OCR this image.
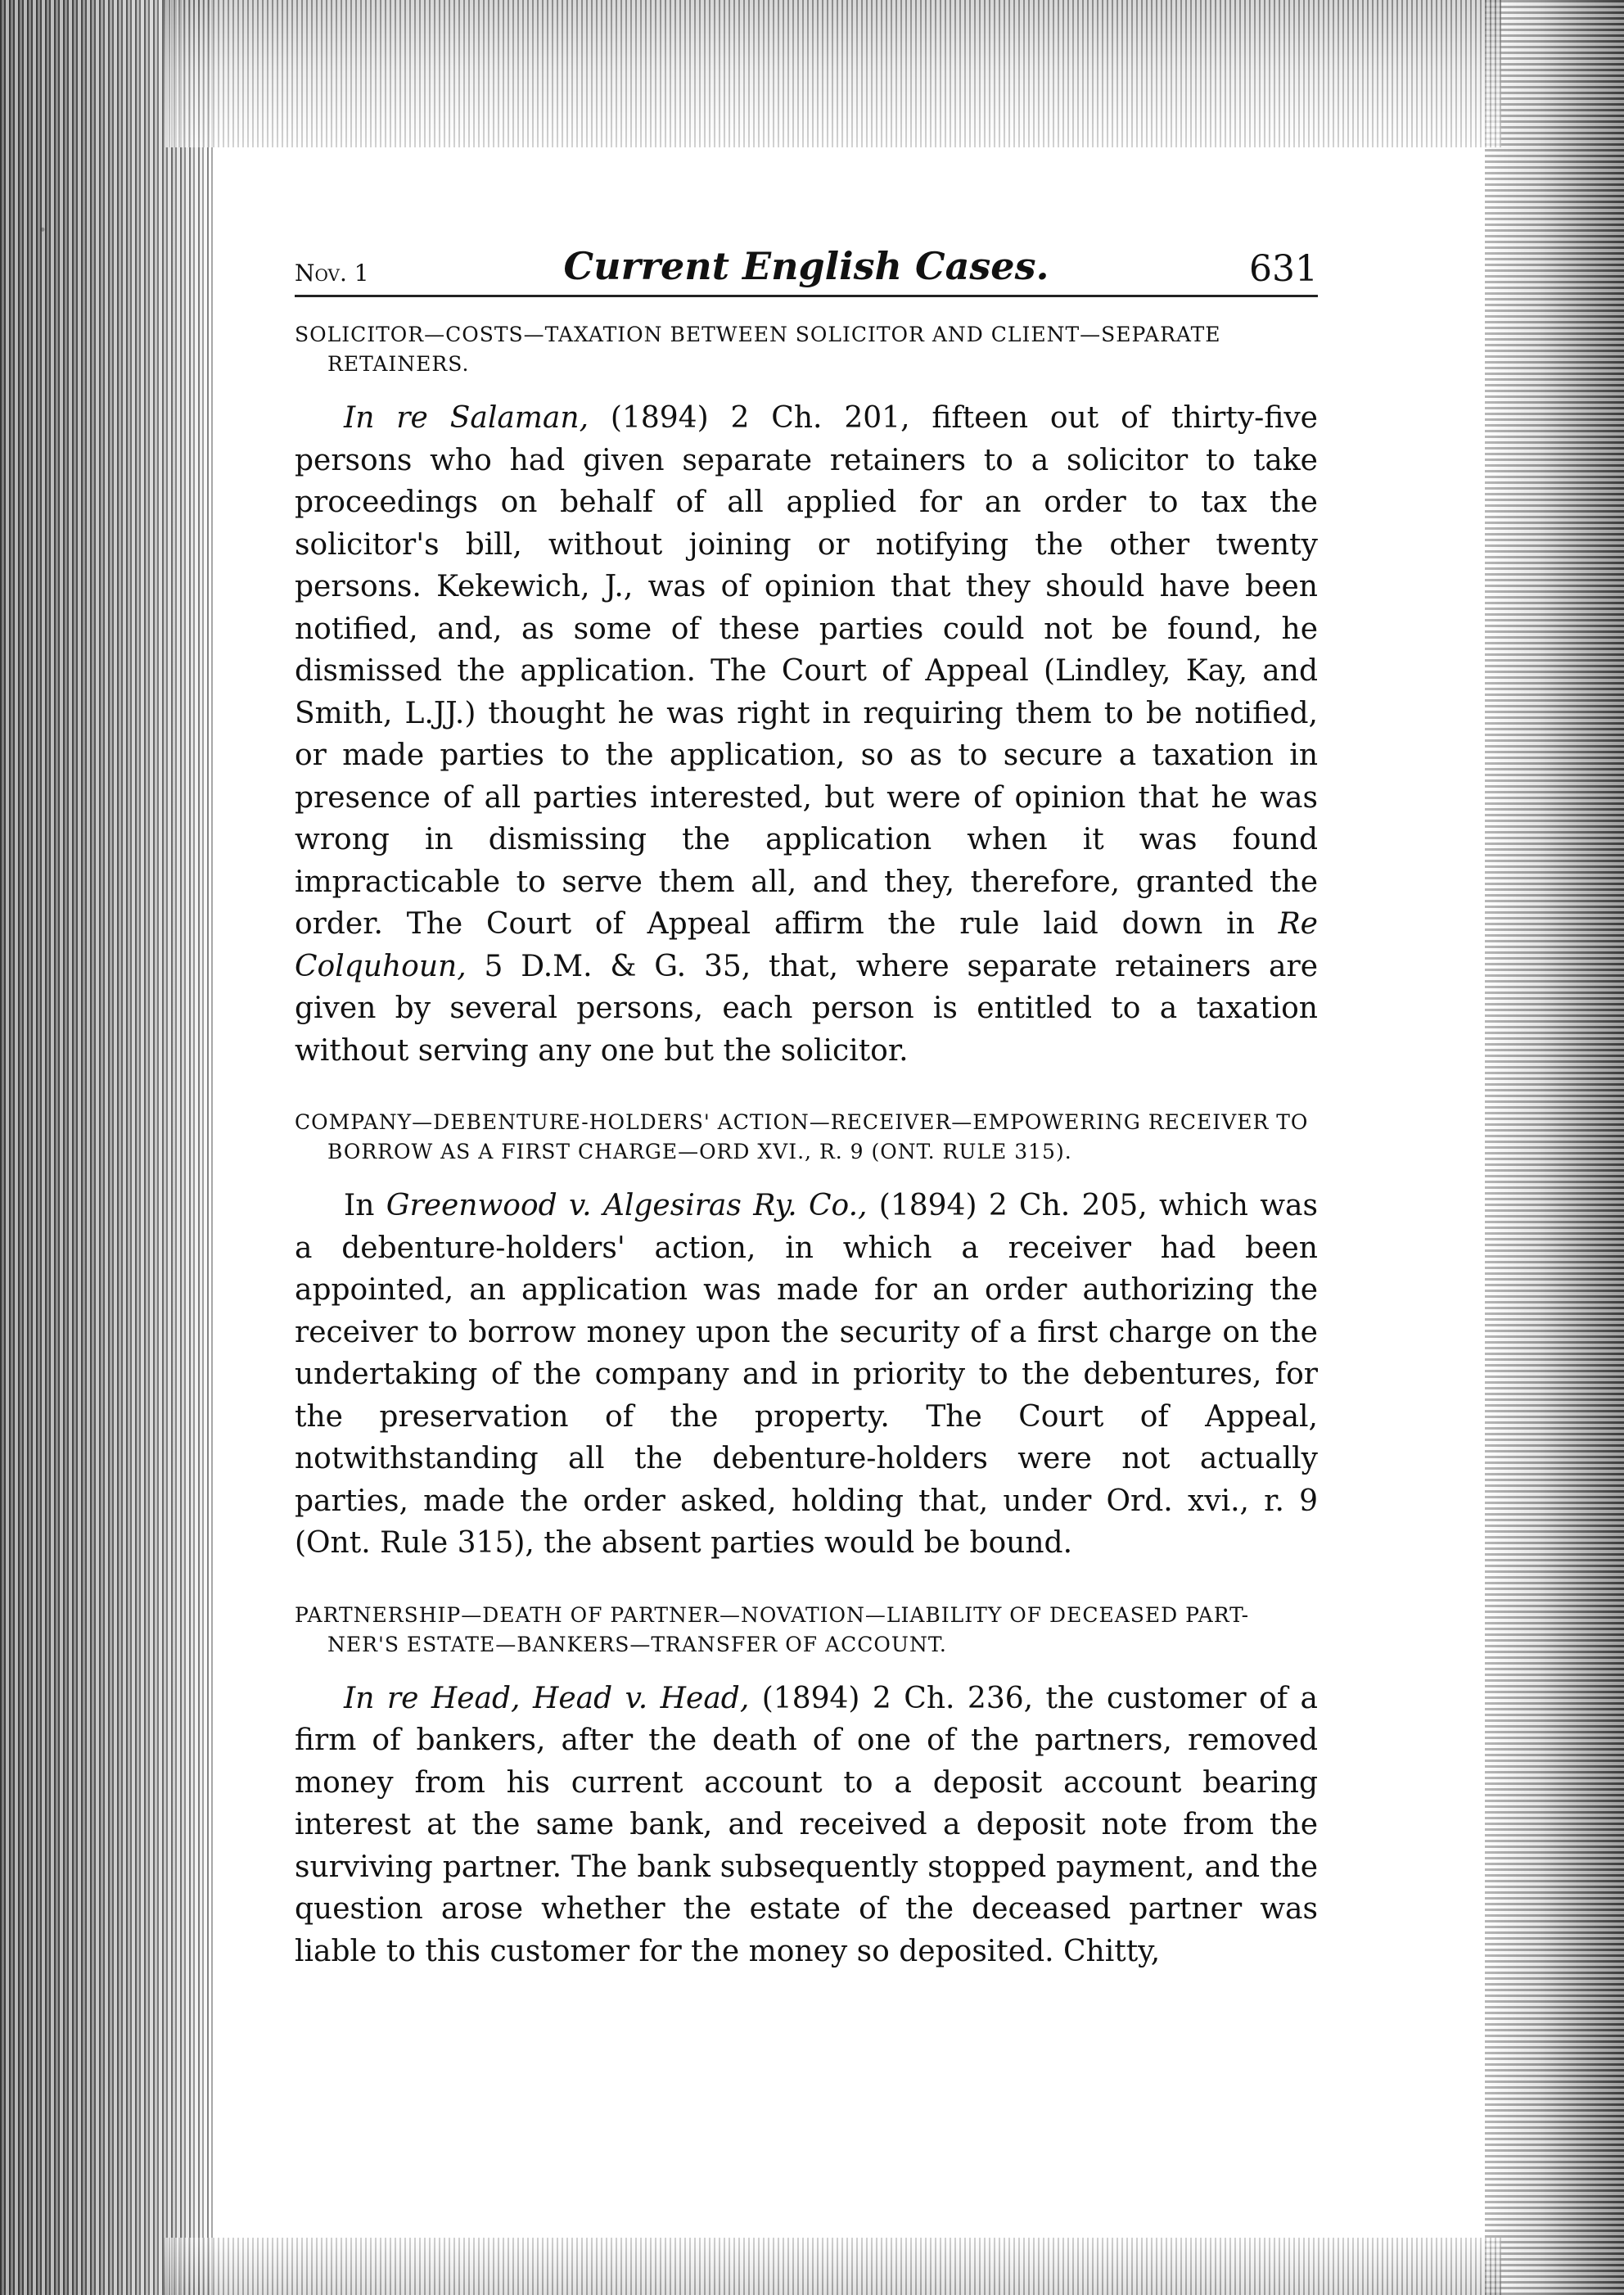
Nov. 1	Current English Cases.	631
SOLICITOR—COSTS—TAXATION BETWEEN SOLICITOR AND CLIENT—SEPARATE
RETAINERS.

In re Salaman, (1894) 2 Ch. 201, fifteen out of thirty-five persons who had given separate retainers to a solicitor to take proceedings on behalf of all applied for an order to tax the solicitor's bill, without joining or notifying the other twenty persons. Kekewich, J., was of opinion that they should have been notified, and, as some of these parties could not be found, he dismissed the application. The Court of Appeal (Lindley, Kay, and Smith, L.JJ.) thought he was right in requiring them to be notified, or made parties to the application, so as to secure a taxation in presence of all parties interested, but were of opinion that he was wrong in dismissing the application when it was found impracticable to serve them all, and they, therefore, granted the order. The Court of Appeal affirm the rule laid down in Re Colquhoun, 5 D.M. & G. 35, that, where separate retainers are given by several persons, each person is entitled to a taxation without serving any one but the solicitor.

COMPANY—DEBENTURE-HOLDERS' ACTION—RECEIVER—EMPOWERING RECEIVER TO
BORROW AS A FIRST CHARGE—ORD XVI., R. 9 (ONT. RULE 315).

In Greenwood v. Algesiras Ry. Co., (1894) 2 Ch. 205, which was a debenture-holders' action, in which a receiver had been appointed, an application was made for an order authorizing the receiver to borrow money upon the security of a first charge on the undertaking of the company and in priority to the debentures, for the preservation of the property. The Court of Appeal, notwithstanding all the debenture-holders were not actually parties, made the order asked, holding that, under Ord. xvi., r. 9 (Ont. Rule 315), the absent parties would be bound.

PARTNERSHIP—DEATH OF PARTNER—NOVATION—LIABILITY OF DECEASED PART-
NER'S ESTATE—BANKERS—TRANSFER OF ACCOUNT.

In re Head, Head v. Head, (1894) 2 Ch. 236, the customer of a firm of bankers, after the death of one of the partners, removed money from his current account to a deposit account bearing interest at the same bank, and received a deposit note from the surviving partner. The bank subsequently stopped payment, and the question arose whether the estate of the deceased partner was liable to this customer for the money so deposited. Chitty,
